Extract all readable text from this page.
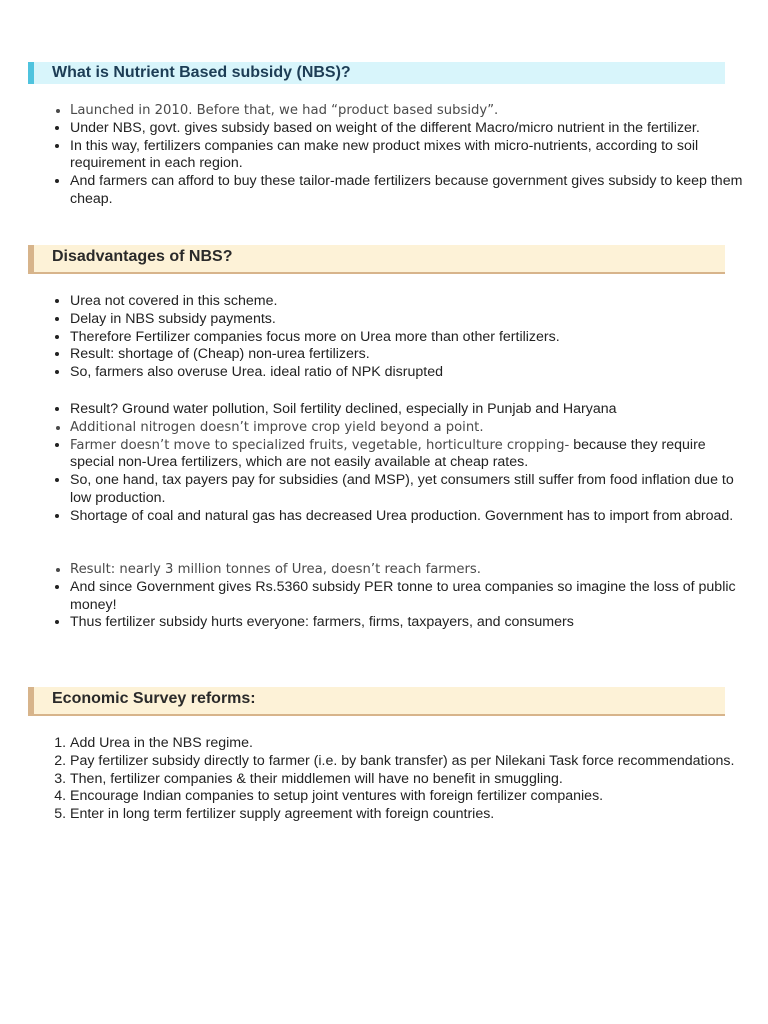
What is Nutrient Based subsidy (NBS)?
• Launched in 2010. Before that, we had “product based subsidy”.
• Under NBS, govt. gives subsidy based on weight of the different Macro/micro nutrient in the fertilizer.
• In this way, fertilizers companies can make new product mixes with micro-nutrients, according to soil requirement in each region.
• And farmers can afford to buy these tailor-made fertilizers because government gives subsidy to keep them cheap.
Disadvantages of NBS?
• Urea not covered in this scheme.
• Delay in NBS subsidy payments.
• Therefore Fertilizer companies focus more on Urea more than other fertilizers.
• Result: shortage of (Cheap) non-urea fertilizers.
• So, farmers also overuse Urea. ideal ratio of NPK disrupted
• Result? Ground water pollution, Soil fertility declined, especially in Punjab and Haryana
• Additional nitrogen doesn’t improve crop yield beyond a point.
• Farmer doesn’t move to specialized fruits, vegetable, horticulture cropping- because they require special non-Urea fertilizers, which are not easily available at cheap rates.
• So, one hand, tax payers pay for subsidies (and MSP), yet consumers still suffer from food inflation due to low production.
• Shortage of coal and natural gas has decreased Urea production. Government has to import from abroad.
• Result: nearly 3 million tonnes of Urea, doesn’t reach farmers.
• And since Government gives Rs.5360 subsidy PER tonne to urea companies so imagine the loss of public money!
• Thus fertilizer subsidy hurts everyone: farmers, firms, taxpayers, and consumers
Economic Survey reforms:
1. Add Urea in the NBS regime.
2. Pay fertilizer subsidy directly to farmer (i.e. by bank transfer) as per Nilekani Task force recommendations.
3. Then, fertilizer companies & their middlemen will have no benefit in smuggling.
4. Encourage Indian companies to setup joint ventures with foreign fertilizer companies.
5. Enter in long term fertilizer supply agreement with foreign countries.
